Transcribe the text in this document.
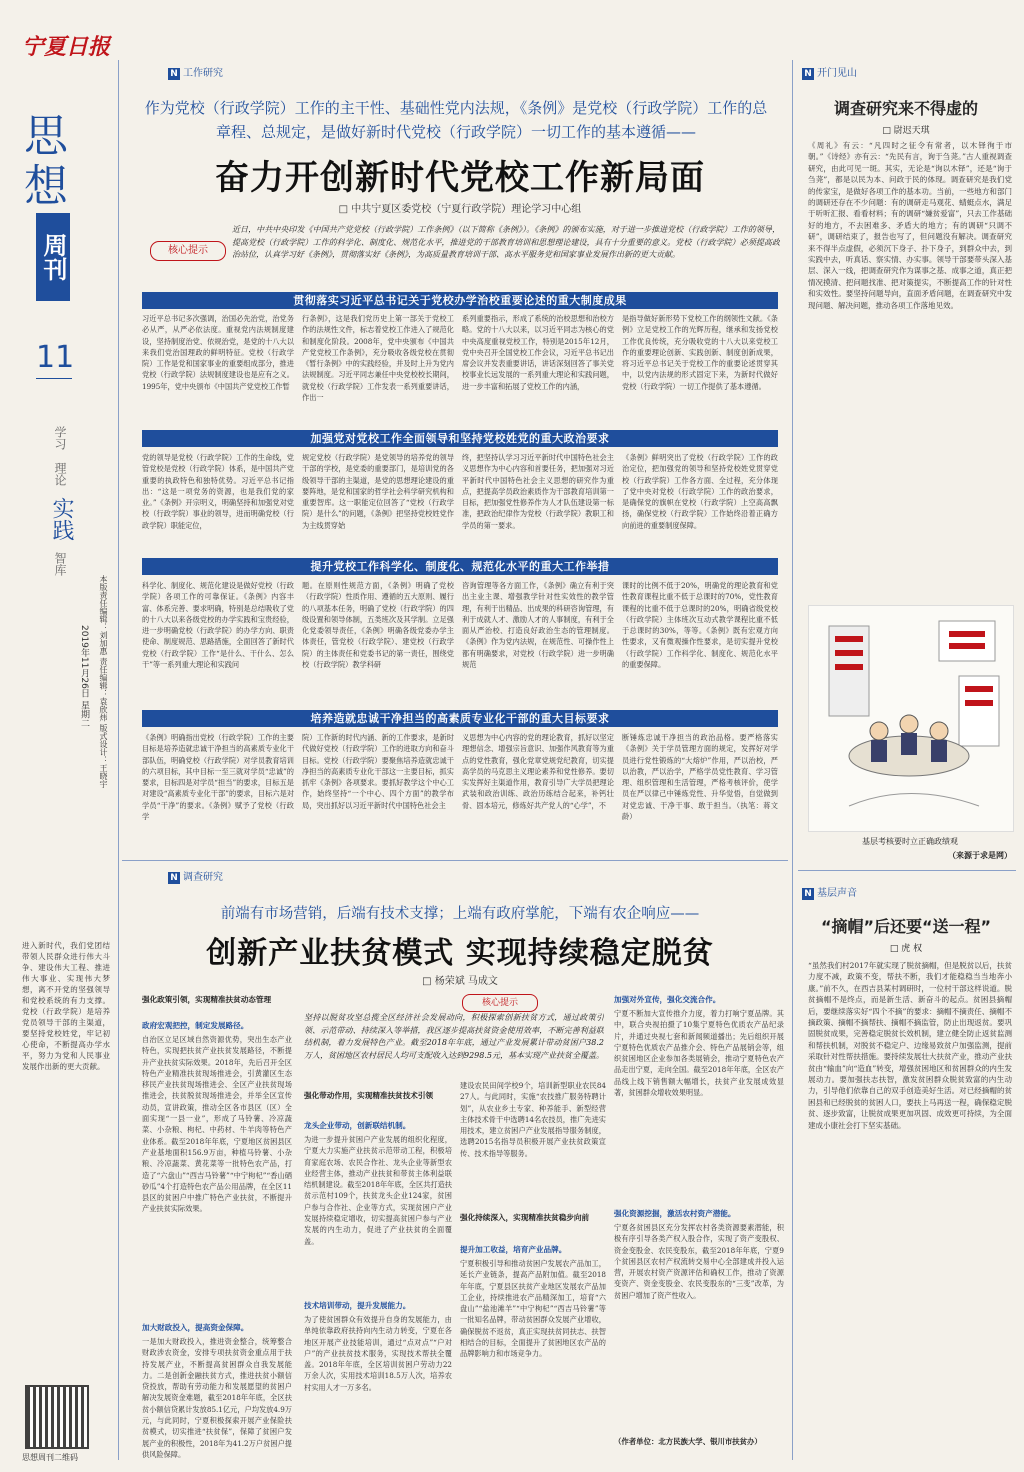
宁夏日报
思
想
周刊
11
学习
理论
实践
智库
本版责任编辑：刘加惠 责任编辑：袁欣炜 版式设计：王晓宇
2019年11月26日 星期二
进入新时代，我们党团结带领人民群众进行伟大斗争、建设伟大工程、推进伟大事业、实现伟大梦想，离不开党的坚强领导和党校系统的有力支撑。党校（行政学院）是培养党员领导干部的主渠道，要坚持党校姓党，牢记初心使命，不断提高办学水平，努力为党和人民事业发展作出新的更大贡献。
思想周刊二维码
N 工作研究
作为党校（行政学院）工作的主干性、基础性党内法规，《条例》是党校（行政学院）工作的总章程、总规定，是做好新时代党校（行政学院）一切工作的基本遵循——
奋力开创新时代党校工作新局面
□ 中共宁夏区委党校（宁夏行政学院）理论学习中心组
核心提示
近日，中共中央印发《中国共产党党校（行政学院）工作条例》（以下简称《条例》）。《条例》的颁布实施，对于进一步推进党校（行政学院）工作的领导，提高党校（行政学院）工作的科学化、制度化、规范化水平，推进党的干部教育培训和思想理论建设，具有十分重要的意义。党校（行政学院）必须提高政治站位，认真学习好《条例》，贯彻落实好《条例》，为高质量教育培训干部、高水平服务党和国家事业发展作出新的更大贡献。
贯彻落实习近平总书记关于党校办学治校重要论述的重大制度成果
习近平总书记多次强调，治国必先治党，治党务必从严，从严必依法度。重视党内法规制度建设，坚持制度治党、依规治党，是党的十八大以来我们党治国理政的鲜明特征。党校（行政学院）工作是党和国家事业的重要组成部分，推进党校（行政学院）法规制度建设也是应有之义。1995年，党中央颁布《中国共产党党校工作暂
行条例》，这是我们党历史上第一部关于党校工作的法规性文件，标志着党校工作进入了规范化和制度化阶段。2008年，党中央颁布《中国共产党党校工作条例》，充分吸收各级党校在贯彻《暂行条例》中的实践经验，并及时上升为党内法规制度。习近平同志兼任中央党校校长期间，就党校（行政学院）工作发表一系列重要讲话，作出一
系列重要指示，形成了系统的治校思想和治校方略。党的十八大以来，以习近平同志为核心的党中央高度重视党校工作，特别是2015年12月，党中央召开全国党校工作会议，习近平总书记出席会议并发表重要讲话，讲话深刻回答了事关党校事业长远发展的一系列重大理论和实践问题，进一步丰富和拓展了党校工作的内涵，
是指导做好新形势下党校工作的纲领性文献。《条例》立足党校工作的光辉历程，继承和发扬党校工作优良传统，充分吸收党的十八大以来党校工作的重要理论创新、实践创新、制度创新成果，将习近平总书记关于党校工作的重要论述贯穿其中，以党内法规的形式固定下来，为新时代做好党校（行政学院）一切工作提供了基本遵循。
加强党对党校工作全面领导和坚持党校姓党的重大政治要求
党的领导是党校（行政学院）工作的生命线，党管党校是党校（行政学院）体系，是中国共产党重要的执政特色和独特优势。习近平总书记指出：“这是一项党务的资源，也是我们党的家业。”《条例》开宗明义，明确坚持和加强党对党校（行政学院）事业的领导，进而明确党校（行政学院）职能定位，
规定党校（行政学院）是党领导的培养党的领导干部的学校，是党委的重要部门，是培训党的各级领导干部的主渠道，是党的思想理论建设的重要阵地，是党和国家的哲学社会科学研究机构和重要智库。这一职能定位回答了“党校（行政学院）是什么”的问题，《条例》把坚持党校姓党作为主线贯穿始
终，把坚持认学习习近平新时代中国特色社会主义思想作为中心内容和首要任务，把加强对习近平新时代中国特色社会主义思想的研究作为重点，把提高学员政治素质作为干部教育培训第一目标，把加强党性修养作为人才队伍建设第一标准，把政治纪律作为党校（行政学院）教职工和学员的第一要求。
《条例》鲜明突出了党校（行政学院）工作的政治定位，把加强党的领导和坚持党校姓党贯穿党校（行政学院）工作各方面、全过程，充分体现了党中央对党校（行政学院）工作的政治要求，是确保党的旗帜在党校（行政学院）上空高高飘扬，确保党校（行政学院）工作始终沿着正确方向前进的重要制度保障。
提升党校工作科学化、制度化、规范化水平的重大工作举措
科学化、制度化、规范化建设是做好党校（行政学院）各项工作的可靠保证。《条例》内容丰富、体系完善、要求明确，特别是总结吸收了党的十八大以来各级党校的办学实践和宝贵经验，进一步明确党校（行政学院）的办学方向、职责使命、制度规范、思路措施，全面回答了新时代党校（行政学院）工作“是什么、干什么、怎么干”等一系列重大理论和实践问
题。在原则性规范方面，《条例》明确了党校（行政学院）性质作用、遵循的五大原则、履行的八项基本任务，明确了党校（行政学院）的四级设置和领导体制，五类班次及其学制。立足强化党委领导责任，《条例》明确各级党委办学主体责任，管党校（行政学院）、建党校（行政学院）的主体责任和党委书记的第一责任，围绕党校（行政学院）教学科研
咨询管理等各方面工作，《条例》确立有利于突出主业主课、增强教学针对性实效性的教学管理，有利于出精品、出成果的科研咨询管理，有利于成就人才、激励人才的人事制度，有利于全面从严治校、打造良好政治生态的管理制度。《条例》作为党内法规，在规范性、可操作性上都有明确要求，对党校（行政学院）进一步明确规范
课时的比例不低于20%，明确党的理论教育和党性教育课程比重不低于总课时的70%，党性教育课程的比重不低于总课时的20%，明确省级党校（行政学院）主体班次互动式教学课程比重不低于总课时的30%，等等。《条例》既有宏观方向性要求，又有微观操作性要求，是切实提升党校（行政学院）工作科学化、制度化、规范化水平的重要保障。
培养造就忠诚干净担当的高素质专业化干部的重大目标要求
《条例》明确指出党校（行政学院）工作的主要目标是培养造就忠诚干净担当的高素质专业化干部队伍，明确党校（行政学院）对学员教育培训的六项目标，其中目标一至三就对学员“忠诚”的要求，目标四是对学员“担当”的要求，目标五是对建设“高素质专业化干部”的要求，目标六是对学员“干净”的要求。《条例》赋予了党校（行政学
院）工作新的时代内涵、新的工作要求，是新时代做好党校（行政学院）工作的进取方向和奋斗目标。党校（行政学院）要聚焦培养造就忠诚干净担当的高素质专业化干部这一主要目标，抓实抓牢《条例》各项要求。要抓好教学这个中心工作，始终坚持“一个中心、四个方面”的教学布局，突出抓好以习近平新时代中国特色社会主
义思想为中心内容的党的理论教育，抓好以坚定理想信念、增强宗旨意识、加强作风教育等为重点的党性教育，强化党章党规党纪教育，切实提高学员的马克思主义理论素养和党性修养。要切实发挥好主渠道作用，教育引导广大学员把理论武装和政治训练、政治历练结合起来，补钙壮骨、固本培元，修炼好共产党人的“心学”，不
断锤炼忠诚干净担当的政治品格。要严格落实《条例》关于学员管理方面的规定，发挥好对学员进行党性锻炼的“大熔炉”作用，严以治校，严以治教，严以治学，严格学员党性教育、学习管理、组织管理和生活管理，严格考核评价，使学员在严以律己中锤炼党性、升华觉悟，自觉做到对党忠诚、干净干事、敢于担当。（执笔：蒋文龄）
N 调查研究
前端有市场营销，后端有技术支撑；上端有政府掌舵，下端有农企响应——
创新产业扶贫模式 实现持续稳定脱贫
□ 杨荣斌 马成文
强化政策引领，实现精准扶贫动态管理
政府宏观把控，制定发展路径。
自治区立足区域自然资源优势，突出生态产业特色，实现把扶贫产业扶贫发展路径，不断提升产业扶贫实际效果。2018年，先后召开全区特色产业精准扶贫现场推进会，引黄灌区生态移民产业扶贫现场推进会、全区产业扶贫现场推进会，扶贫脱贫现场推进会，并举全区宣传动员，宣讲政策，推动全区各市县区（区）全面实现“一县一业”，形成了马铃薯、冷凉蔬菜、小杂粮、枸杞、中药材、牛羊肉等特色产业体系。截至2018年年底，宁夏地区贫困县区产业基地面积156.9万亩，种植马铃薯、小杂粮、冷凉蔬菜、黄花菜等一批特色农产品，打造了“六盘山”“西吉马铃薯”“中宁枸杞”“香山硒砂瓜”4个打造特色农产品公用品牌，在全区11县区的贫困户中推广特色产业扶贫，不断提升产业扶贫实际效果。
加大财政投入，提高资金保障。
一是加大财政投入，推进资金整合，统筹整合财政涉农资金，安排专项扶贫资金重点用于扶持发展产业，不断提高贫困群众自我发展能力。二是创新金融扶贫方式，推进扶贫小额信贷投放，帮助有劳动能力和发展愿望的贫困户解决发展资金难题，截至2018年年底，全区扶贫小额信贷累计发放85.1亿元，户均发放4.9万元，与此同时，宁夏积极探索开展产业保险扶贫模式，切实推进“扶贫保”，保障了贫困户发展产业的积极性，2018年为41.2万户贫困户提供风险保障。
核心提示
坚持以脱贫攻坚总揽全区经济社会发展动向，积极探索创新扶贫方式，通过政策引领、示范带动、持续深入等举措，我区逐步提高扶贫资金使用效率，不断完善利益联结机制，着力发展特色产业。截至2018年年底，通过产业发展累计带动贫困户38.2万人，贫困地区农村居民人均可支配收入达到9298.5元，基本实现产业扶贫全覆盖。
强化带动作用，实现精准扶贫技术引领
龙头企业带动，创新联结机制。
为进一步提升贫困户产业发展的组织化程度，宁夏大力实施产业扶贫示范带动工程，积极培育家庭农场、农民合作社、龙头企业等新型农业经营主体，推动产业扶贫和带贫主体利益联结机制建设。截至2018年年底，全区共打造扶贫示范村109个，扶贫龙头企业124家，贫困户参与合作社、企业等方式，实现贫困户产业发展持续稳定增收，切实提高贫困户参与产业发展的内生动力，促进了产业扶贫的全面覆盖。
技术培训带动，提升发展能力。
为了使贫困群众有效提升自身的发展能力，由单纯依靠政府扶持向内生动力转变，宁夏在各地区开展产业技能培训，通过“点对点”“户对户”的产业扶贫技术服务，实现技术帮扶全覆盖。2018年年底，全区培训贫困户劳动力22万余人次，实用技术培训18.5万人次，培养农村实用人才一万多名。
建设农民田间学校9个，培训新型职业农民8427人。与此同时，实施“农技推广服务特聘计划”，从农业乡土专家、种养能手、新型经营主体技术骨干中选聘14名农技员，推广先进实用技术，建立贫困户产业发展指导服务制度，选聘2015名指导员积极开展产业扶贫政策宣传、技术指导等服务。
强化持续深入，实现精准扶贫稳步向前
提升加工收益，培育产业品牌。
宁夏积极引导和推动贫困户发展农产品加工，延长产业链条，提高产品附加值。截至2018年年底，宁夏县区扶贫产业地区发展农产品加工企业，持续推进农产品精深加工，培育“六盘山”“盐池滩羊”“中宁枸杞”“西吉马铃薯”等一批知名品牌，带动贫困群众发展产业增收，确保脱贫不返贫，真正实现扶贫同扶志、扶智相结合的目标，全面提升了贫困地区农产品的品牌影响力和市场竞争力。
加强对外宣传，强化交流合作。
宁夏不断加大宣传推介力度，着力打响宁夏品牌。其中，联合央视拍摄了10集宁夏特色优质农产品纪录片，并通过央视七套和新闻频道播出；先后组织开展宁夏特色优质农产品推介会、特色产品展销会等，组织贫困地区企业参加各类展销会，推动宁夏特色农产品走出宁夏，走向全国。截至2018年年底，全区农产品线上线下销售额大幅增长，扶贫产业发展成效显著，贫困群众增收效果明显。
强化资源挖掘，激活农村资产潜能。
宁夏各贫困县区充分发挥农村各类资源要素潜能，积极有序引导各类产权入股合作，实现了资产变股权、资金变股金、农民变股东，截至2018年年底，宁夏9个贫困县区农村产权流转交易中心全部建成并投入运营，开展农村资产资源评估和确权工作，推动了资源变资产、资金变股金、农民变股东的“三变”改革，为贫困户增加了资产性收入。
（作者单位：北方民族大学、银川市扶贫办）
N 开门见山
调查研究来不得虚的
□ 尉迟天琪
《周礼》有云：“凡四时之征令有常者，以木铎徇于市朝。”《诗经》亦有云：“先民有言，询于刍荛。”古人重视调查研究，由此可见一斑。其实，无论是“询以木铎”，还是“询于刍荛”，都是以民为本、问政于民的体现。调查研究是我们党的传家宝，是做好各项工作的基本功。当前，一些地方和部门的调研还存在不少问题：有的调研走马观花、蜻蜓点水，满足于听听汇报、看看材料；有的调研“嫌贫爱富”，只去工作基础好的地方，不去困难多、矛盾大的地方；有的调研“只调不研”，调研结束了，报告也写了，但问题没有解决。调查研究来不得半点虚假，必须沉下身子、扑下身子，到群众中去，到实践中去，听真话、察实情、办实事。领导干部要带头深入基层、深入一线，把调查研究作为谋事之基、成事之道，真正把情况摸清、把问题找准、把对策提实，不断提高工作的针对性和实效性。要坚持问题导向，直面矛盾问题，在调查研究中发现问题、解决问题，推动各项工作落地见效。
基层考核要时立正确政绩观
（来源于求是网）
N 基层声音
“摘帽”后还要“送一程”
□ 虎 权
“虽然我们村2017年就实现了脱贫摘帽，但是脱贫以后，扶贫力度不减，政策不变，帮扶不断，我们才能稳稳当当地奔小康。”前不久，在西吉县某村调研时，一位村干部这样说道。脱贫摘帽不是终点，而是新生活、新奋斗的起点。贫困县摘帽后，要继续落实好“四个不摘”的要求：摘帽不摘责任、摘帽不摘政策、摘帽不摘帮扶、摘帽不摘监管，防止出现返贫。要巩固脱贫成果，完善稳定脱贫长效机制，建立健全防止返贫监测和帮扶机制，对脱贫不稳定户、边缘易致贫户加强监测，提前采取针对性帮扶措施。要持续发展壮大扶贫产业，推动产业扶贫由“输血”向“造血”转变，增强贫困地区和贫困群众的内生发展动力。要加强扶志扶智，激发贫困群众脱贫致富的内生动力，引导他们依靠自己的双手创造美好生活。对已经摘帽的贫困县和已经脱贫的贫困人口，要扶上马再送一程，确保稳定脱贫、逐步致富，让脱贫成果更加巩固、成效更可持续，为全面建成小康社会打下坚实基础。
